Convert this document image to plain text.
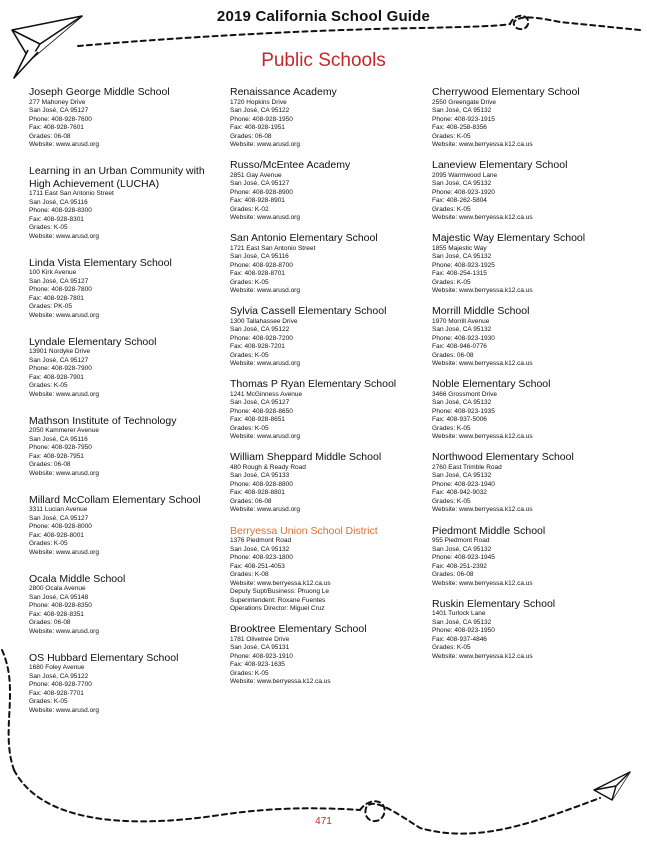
2019 California School Guide
Public Schools
Joseph George Middle School
277 Mahoney Drive
San José, CA 95127
Phone: 408-928-7600
Fax: 408-928-7601
Grades: 06-08
Website: www.arusd.org
Learning in an Urban Community with High Achievement (LUCHA)
1711 East San Antonio Street
San José, CA 95116
Phone: 408-928-8300
Fax: 408-928-8301
Grades: K-05
Website: www.arusd.org
Linda Vista Elementary School
100 Kirk Avenue
San José, CA 95127
Phone: 408-928-7800
Fax: 408-928-7801
Grades: PK-05
Website: www.arusd.org
Lyndale Elementary School
13901 Nordyke Drive
San José, CA 95127
Phone: 408-928-7900
Fax: 408-928-7901
Grades: K-05
Website: www.arusd.org
Mathson Institute of Technology
2050 Kammerer Avenue
San José, CA 95116
Phone: 408-928-7950
Fax: 408-928-7951
Grades: 06-08
Website: www.arusd.org
Millard McCollam Elementary School
3311 Lucian Avenue
San José, CA 95127
Phone: 408-928-8000
Fax: 408-928-8001
Grades: K-05
Website: www.arusd.org
Ocala Middle School
2800 Ocala Avenue
San José, CA 95148
Phone: 408-928-8350
Fax: 408-928-8351
Grades: 06-08
Website: www.arusd.org
OS Hubbard Elementary School
1680 Foley Avenue
San José, CA 95122
Phone: 408-928-7700
Fax: 408-928-7701
Grades: K-05
Website: www.arusd.org
Renaissance Academy
1720 Hopkins Drive
San José, CA 95122
Phone: 408-928-1950
Fax: 408-928-1951
Grades: 06-08
Website: www.arusd.org
Russo/McEntee Academy
2851 Gay Avenue
San José, CA 95127
Phone: 408-928-8900
Fax: 408-928-8901
Grades: K-02
Website: www.arusd.org
San Antonio Elementary School
1721 East San Antonio Street
San José, CA 95116
Phone: 408-928-8700
Fax: 408-928-8701
Grades: K-05
Website: www.arusd.org
Sylvia Cassell Elementary School
1300 Tallahassee Drive
San José, CA 95122
Phone: 408-928-7200
Fax: 408-928-7201
Grades: K-05
Website: www.arusd.org
Thomas P Ryan Elementary School
1241 McGinness Avenue
San José, CA 95127
Phone: 408-928-8650
Fax: 408-928-8651
Grades: K-05
Website: www.arusd.org
William Sheppard Middle School
480 Rough & Ready Road
San José, CA 95133
Phone: 408-928-8800
Fax: 408-928-8801
Grades: 06-08
Website: www.arusd.org
Berryessa Union School District
1376 Piedmont Road
San José, CA 95132
Phone: 408-923-1800
Fax: 408-251-4053
Grades: K-08
Website: www.berryessa.k12.ca.us
Deputy Supt/Business: Phuong Le
Superintendent: Roxane Fuentes
Operations Director: Miguel Cruz
Brooktree Elementary School
1781 Olivetree Drive
San José, CA 95131
Phone: 408-923-1910
Fax: 408-923-1635
Grades: K-05
Website: www.berryessa.k12.ca.us
Cherrywood Elementary School
2550 Greengate Drive
San José, CA 95132
Phone: 408-923-1915
Fax: 408-258-8356
Grades: K-05
Website: www.berryessa.k12.ca.us
Laneview Elementary School
2095 Warmwood Lane
San José, CA 95132
Phone: 408-923-1920
Fax: 408-262-5804
Grades: K-05
Website: www.berryessa.k12.ca.us
Majestic Way Elementary School
1855 Majestic Way
San José, CA 95132
Phone: 408-923-1925
Fax: 408-254-1315
Grades: K-05
Website: www.berryessa.k12.ca.us
Morrill Middle School
1970 Morrill Avenue
San José, CA 95132
Phone: 408-923-1930
Fax: 408-946-0776
Grades: 06-08
Website: www.berryessa.k12.ca.us
Noble Elementary School
3466 Grossmont Drive
San José, CA 95132
Phone: 408-923-1935
Fax: 408-937-5006
Grades: K-05
Website: www.berryessa.k12.ca.us
Northwood Elementary School
2760 East Trimble Road
San José, CA 95132
Phone: 408-923-1940
Fax: 408-942-9032
Grades: K-05
Website: www.berryessa.k12.ca.us
Piedmont Middle School
955 Piedmont Road
San José, CA 95132
Phone: 408-923-1945
Fax: 408-251-2392
Grades: 06-08
Website: www.berryessa.k12.ca.us
Ruskin Elementary School
1401 Turlock Lane
San José, CA 95132
Phone: 408-923-1950
Fax: 408-937-4846
Grades: K-05
Website: www.berryessa.k12.ca.us
471
